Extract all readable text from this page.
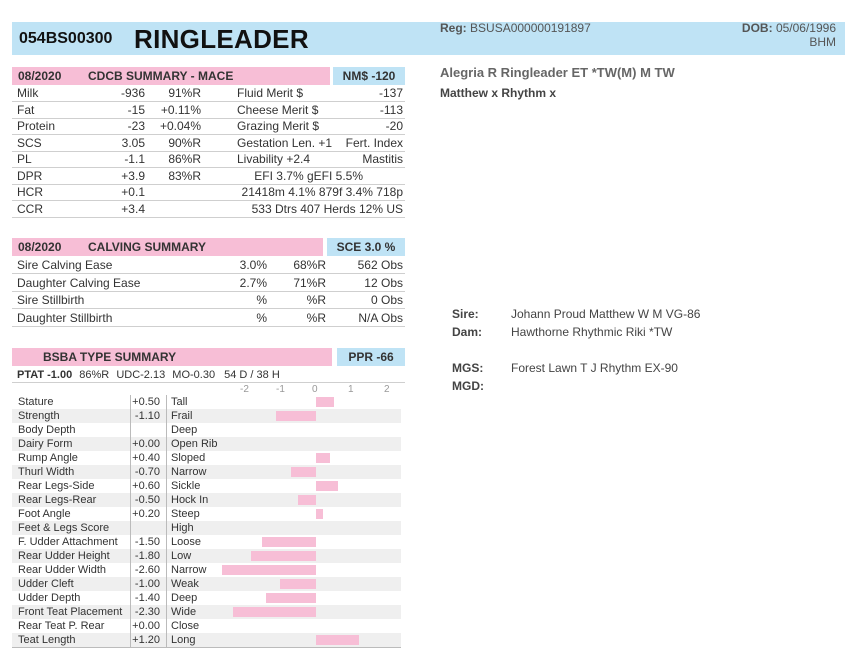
054BS00300 RINGLEADER	Reg: BSUSA000000191897	DOB: 05/06/1996
BHM
Alegria R Ringleader ET *TW(M) M TW
Matthew x Rhythm x
08/2020 CDCB SUMMARY - MACE	NM$ -120
Milk	-936 91%R	Fluid Merit $	-137
Fat	-15 +0.11%	Cheese Merit $	-113
Protein	-23 +0.04%	Grazing Merit $	-20
SCS	3.05 90%R	Gestation Len. +1 Fert. Index
PL	-1.1 86%R	Livability +2.4	Mastitis
DPR	+3.9 83%R	EFI 3.7% gEFI 5.5%
HCR	+0.1	21418m 4.1% 879f 3.4% 718p
CCR	+3.4	533 Dtrs 407 Herds 12% US
08/2020 CALVING SUMMARY	SCE 3.0 %
Sire Calving Ease	3.0% 68%R	562 Obs
Daughter Calving Ease	2.7% 71%R	12 Obs
Sire Stillbirth	%	%R	0 Obs
Daughter Stillbirth	%	%R	N/A Obs
BSBA TYPE SUMMARY	PPR -66
PTAT -1.00 86%R UDC-2.13 MO-0.30 54 D / 38 H
-2	-1	0	1	2
Stature	+0.50 Tall
Strength	-1.10 Frail
Body Depth	Deep
Dairy Form	+0.00 Open Rib
Rump Angle	+0.40 Sloped
Thurl Width	-0.70 Narrow
Rear Legs-Side	+0.60 Sickle
Rear Legs-Rear	-0.50 Hock In
Foot Angle	+0.20 Steep
Feet & Legs Score	High
F. Udder Attachment -1.50 Loose
Rear Udder Height -1.80 Low
Rear Udder Width	-2.60 Narrow
Udder Cleft	-1.00 Weak
Udder Depth	-1.40 Deep
Front Teat Placement -2.30 Wide
Rear Teat P. Rear	+0.00 Close
Teat Length	+1.20 Long
Sire:	Johann Proud Matthew W M VG-86
Dam: Hawthorne Rhythmic Riki *TW
MGS: Forest Lawn T J Rhythm EX-90
MGD:
